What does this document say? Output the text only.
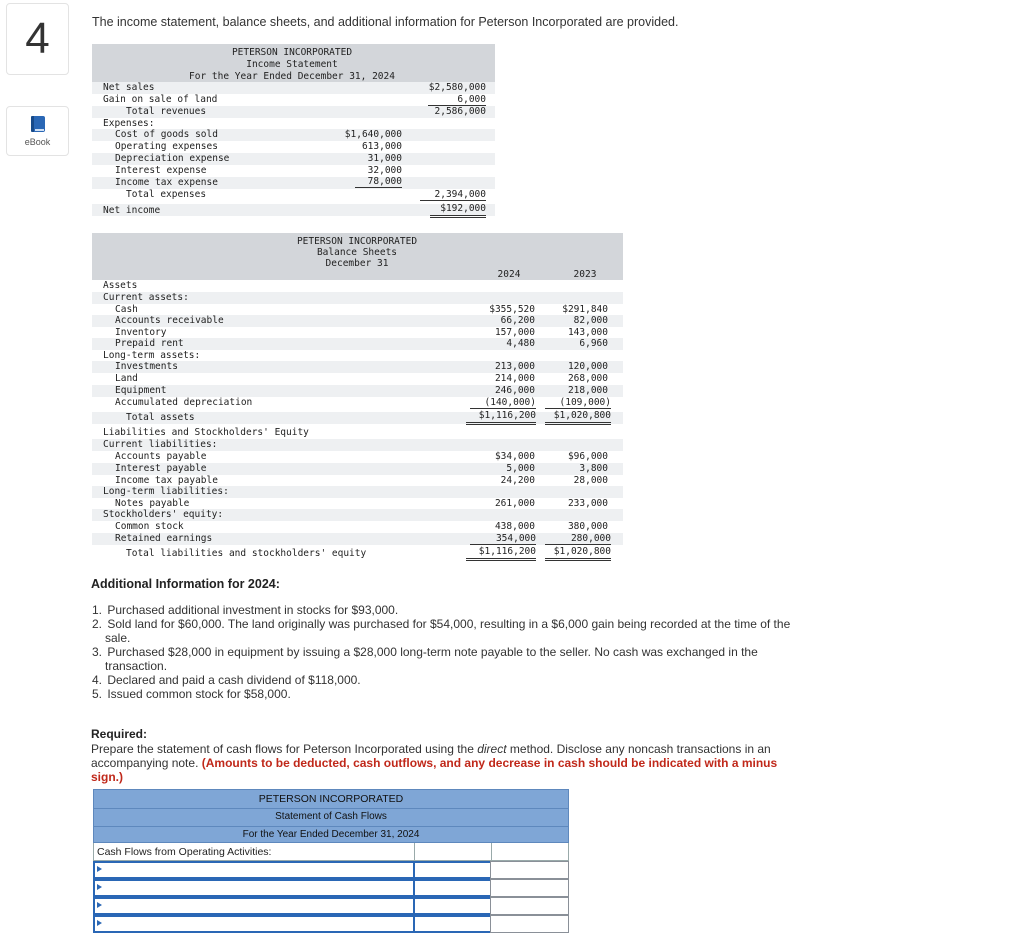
4
eBook
The income statement, balance sheets, and additional information for Peterson Incorporated are provided.
PETERSON INCORPORATED
Income Statement
For the Year Ended December 31, 2024
Net sales	$2,580,000
Gain on sale of land	6,000
Total revenues	2,586,000
Expenses:
Cost of goods sold	$1,640,000
Operating expenses	613,000
Depreciation expense	31,000
Interest expense	32,000
Income tax expense	78,000
Total expenses	2,394,000
Net income	$192,000
PETERSON INCORPORATED
Balance Sheets
December 31
2024	2023
Assets
Current assets:
Cash	$355,520	$291,840
Accounts receivable	66,200	82,000
Inventory	157,000	143,000
Prepaid rent	4,480	6,960
Long-term assets:
Investments	213,000	120,000
Land	214,000	268,000
Equipment	246,000	218,000
Accumulated depreciation	(140,000)	(109,000)
Total assets	$1,116,200	$1,020,800
Liabilities and Stockholders' Equity
Current liabilities:
Accounts payable	$34,000	$96,000
Interest payable	5,000	3,800
Income tax payable	24,200	28,000
Long-term liabilities:
Notes payable	261,000	233,000
Stockholders' equity:
Common stock	438,000	380,000
Retained earnings	354,000	280,000
Total liabilities and stockholders' equity	$1,116,200	$1,020,800
Additional Information for 2024:
1. Purchased additional investment in stocks for $93,000.
2. Sold land for $60,000. The land originally was purchased for $54,000, resulting in a $6,000 gain being recorded at the time of the
sale.
3. Purchased $28,000 in equipment by issuing a $28,000 long-term note payable to the seller. No cash was exchanged in the
transaction.
4. Declared and paid a cash dividend of $118,000.
5. Issued common stock for $58,000.
Required:
Prepare the statement of cash flows for Peterson Incorporated using the direct method. Disclose any noncash transactions in an accompanying note. (Amounts to be deducted, cash outflows, and any decrease in cash should be indicated with a minus sign.)
PETERSON INCORPORATED
Statement of Cash Flows
For the Year Ended December 31, 2024
Cash Flows from Operating Activities:
